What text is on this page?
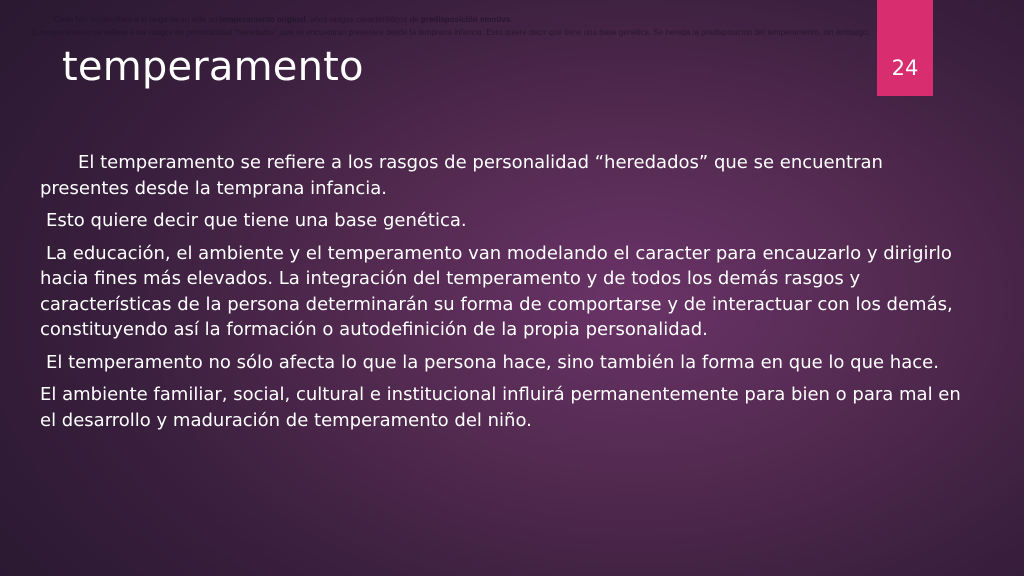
Cada hijo desarrollará a lo largo de su vida un temperamento original, unos rasgos característicos de predisposición emotiva.
El temperamento se refiere a los rasgos de personalidad "heredados" que se encuentran presentes desde la temprana infancia. Esto quiere decir que tiene una base genética. Se hereda la predisposición del temperamento, sin embargo,
temperamento	24

El temperamento se refiere a los rasgos de personalidad “heredados” que se encuentran presentes desde la temprana infancia.

Esto quiere decir que tiene una base genética.

La educación, el ambiente y el temperamento van modelando el caracter para encauzarlo y dirigirlo hacia fines más elevados. La integración del temperamento y de todos los demás rasgos y características de la persona determinarán su forma de comportarse y de interactuar con los demás, constituyendo así la formación o autodefinición de la propia personalidad.

El temperamento no sólo afecta lo que la persona hace, sino también la forma en que lo que hace.

El ambiente familiar, social, cultural e institucional influirá permanentemente para bien o para mal en el desarrollo y maduración de temperamento del niño.
